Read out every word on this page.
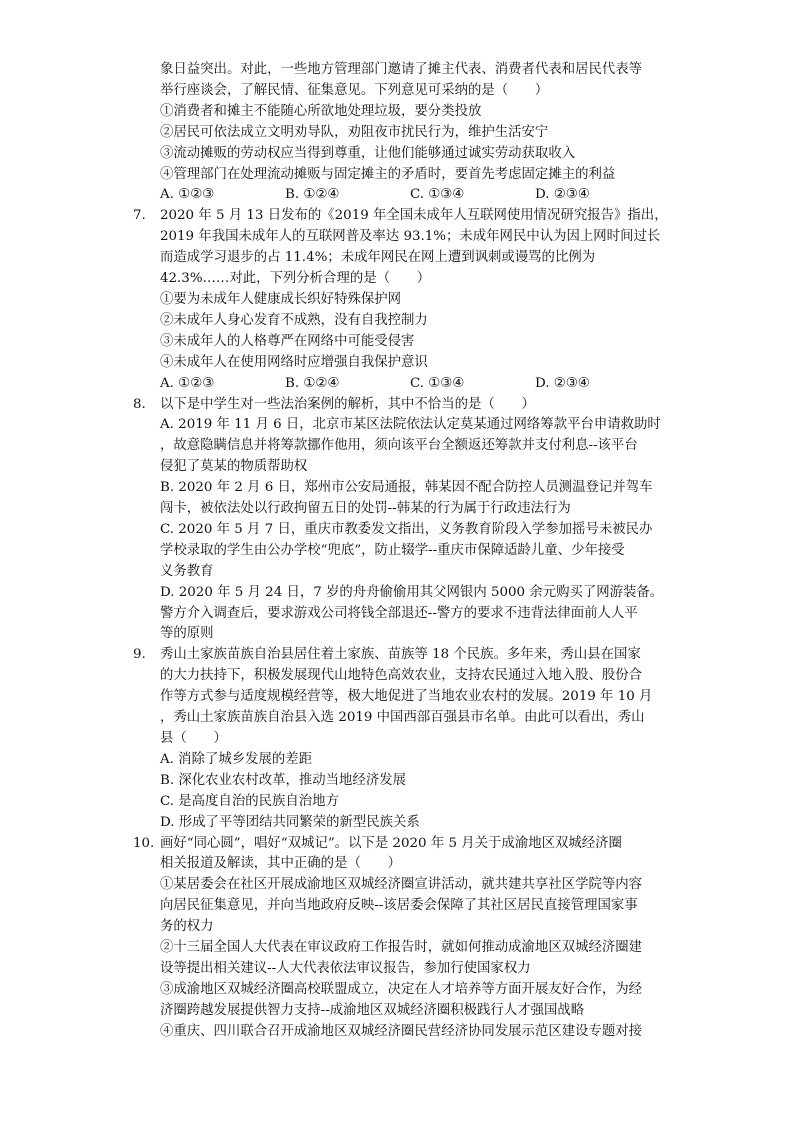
象日益突出。对此，一些地方管理部门邀请了摊主代表、消费者代表和居民代表等
举行座谈会，了解民情、征集意见。下列意见可采纳的是（　　）
①消费者和摊主不能随心所欲地处理垃圾，要分类投放
②居民可依法成立文明劝导队，劝阻夜市扰民行为，维护生活安宁
③流动摊贩的劳动权应当得到尊重，让他们能够通过诚实劳动获取收入
④管理部门在处理流动摊贩与固定摊主的矛盾时，要首先考虑固定摊主的利益
A. ①②③	B. ①②④	C. ①③④	D. ②③④
7. 2020 年 5 月 13 日发布的《2019 年全国未成年人互联网使用情况研究报告》指出，
2019 年我国未成年人的互联网普及率达 93.1%；未成年网民中认为因上网时间过长
而造成学习退步的占 11.4%；未成年网民在网上遭到讽刺或谩骂的比例为
42.3%……对此，下列分析合理的是（　　）
①要为未成年人健康成长织好特殊保护网
②未成年人身心发育不成熟，没有自我控制力
③未成年人的人格尊严在网络中可能受侵害
④未成年人在使用网络时应增强自我保护意识
A. ①②③	B. ①②④	C. ①③④	D. ②③④
8. 以下是中学生对一些法治案例的解析，其中不恰当的是（　　）
A. 2019 年 11 月 6 日，北京市某区法院依法认定莫某通过网络筹款平台申请救助时
，故意隐瞒信息并将筹款挪作他用，须向该平台全额返还筹款并支付利息--该平台
侵犯了莫某的物质帮助权
B. 2020 年 2 月 6 日，郑州市公安局通报，韩某因不配合防控人员测温登记并驾车
闯卡，被依法处以行政拘留五日的处罚--韩某的行为属于行政违法行为
C. 2020 年 5 月 7 日，重庆市教委发文指出，义务教育阶段入学参加摇号未被民办
学校录取的学生由公办学校“兜底”，防止辍学--重庆市保障适龄儿童、少年接受
义务教育
D. 2020 年 5 月 24 日，7 岁的舟舟偷偷用其父网银内 5000 余元购买了网游装备。
警方介入调查后，要求游戏公司将钱全部退还--警方的要求不违背法律面前人人平
等的原则
9. 秀山土家族苗族自治县居住着土家族、苗族等 18 个民族。多年来，秀山县在国家
的大力扶持下，积极发展现代山地特色高效农业，支持农民通过入地入股、股份合
作等方式参与适度规模经营等，极大地促进了当地农业农村的发展。2019 年 10 月
，秀山土家族苗族自治县入选 2019 中国西部百强县市名单。由此可以看出，秀山
县（　　）
A. 消除了城乡发展的差距
B. 深化农业农村改革，推动当地经济发展
C. 是高度自治的民族自治地方
D. 形成了平等团结共同繁荣的新型民族关系
10. 画好“同心圆”，唱好“双城记”。以下是 2020 年 5 月关于成渝地区双城经济圈
相关报道及解读，其中正确的是（　　）
①某居委会在社区开展成渝地区双城经济圈宣讲活动，就共建共享社区学院等内容
向居民征集意见，并向当地政府反映--该居委会保障了其社区居民直接管理国家事
务的权力
②十三届全国人大代表在审议政府工作报告时，就如何推动成渝地区双城经济圈建
设等提出相关建议--人大代表依法审议报告，参加行使国家权力
③成渝地区双城经济圈高校联盟成立，决定在人才培养等方面开展友好合作，为经
济圈跨越发展提供智力支持--成渝地区双城经济圈积极践行人才强国战略
④重庆、四川联合召开成渝地区双城经济圈民营经济协同发展示范区建设专题对接
